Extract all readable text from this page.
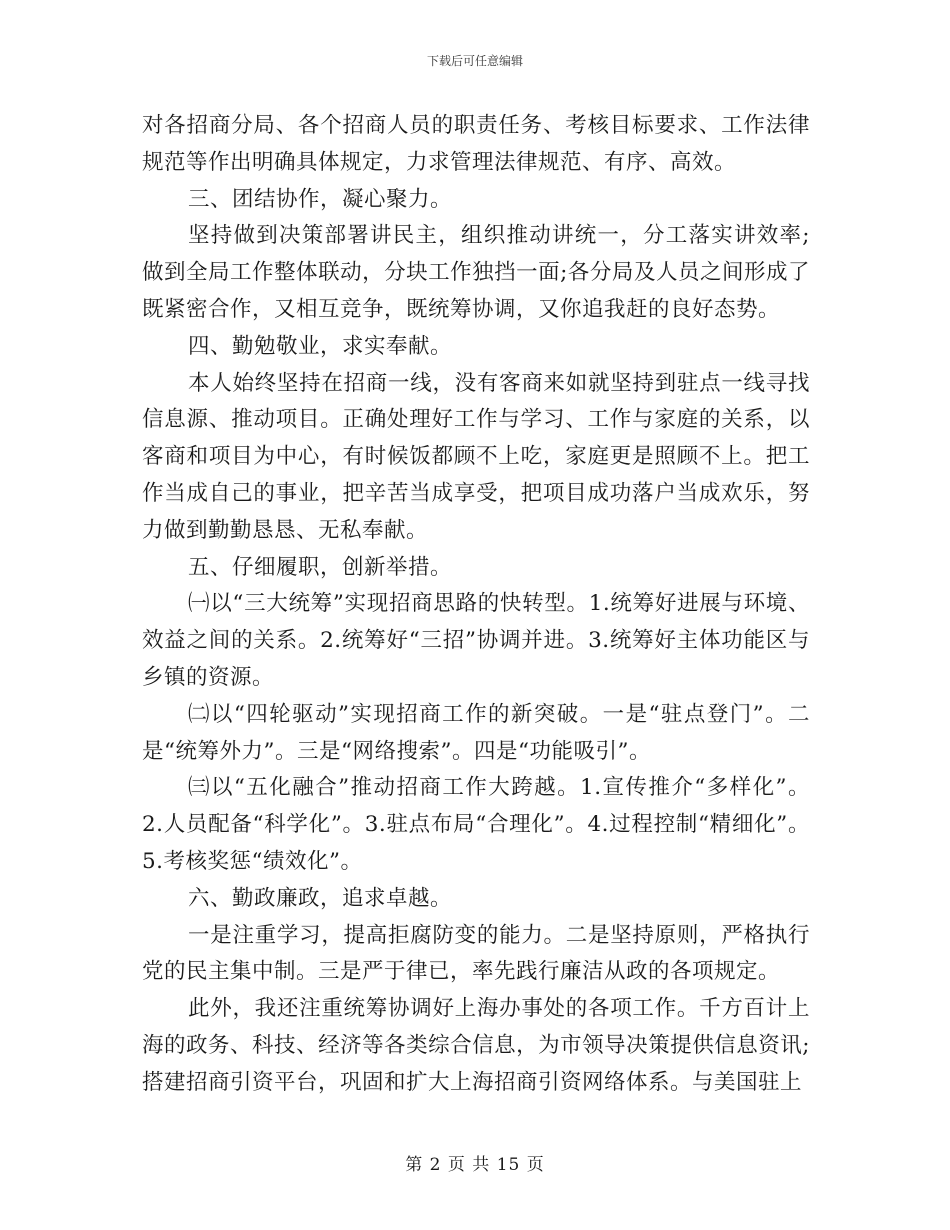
下载后可任意编辑

对各招商分局、各个招商人员的职责任务、考核目标要求、工作法律规范等作出明确具体规定，力求管理法律规范、有序、高效。

三、团结协作，凝心聚力。

坚持做到决策部署讲民主，组织推动讲统一，分工落实讲效率;做到全局工作整体联动，分块工作独挡一面;各分局及人员之间形成了既紧密合作，又相互竞争，既统筹协调，又你追我赶的良好态势。

四、勤勉敬业，求实奉献。

本人始终坚持在招商一线，没有客商来如就坚持到驻点一线寻找信息源、推动项目。正确处理好工作与学习、工作与家庭的关系，以客商和项目为中心，有时候饭都顾不上吃，家庭更是照顾不上。把工作当成自己的事业，把辛苦当成享受，把项目成功落户当成欢乐，努力做到勤勤恳恳、无私奉献。

五、仔细履职，创新举措。

㈠以“三大统筹”实现招商思路的快转型。1.统筹好进展与环境、效益之间的关系。2.统筹好“三招”协调并进。3.统筹好主体功能区与乡镇的资源。

㈡以“四轮驱动”实现招商工作的新突破。一是“驻点登门”。二是“统筹外力”。三是“网络搜索”。四是“功能吸引”。

㈢以“五化融合”推动招商工作大跨越。1.宣传推介“多样化”。 2.人员配备“科学化”。3.驻点布局“合理化”。4.过程控制“精细化”。5.考核奖惩“绩效化”。

六、勤政廉政，追求卓越。

一是注重学习，提高拒腐防变的能力。二是坚持原则，严格执行党的民主集中制。三是严于律已，率先践行廉洁从政的各项规定。

此外，我还注重统筹协调好上海办事处的各项工作。千方百计上海的政务、科技、经济等各类综合信息，为市领导决策提供信息资讯;搭建招商引资平台，巩固和扩大上海招商引资网络体系。与美国驻上

第 2 页 共 15 页
